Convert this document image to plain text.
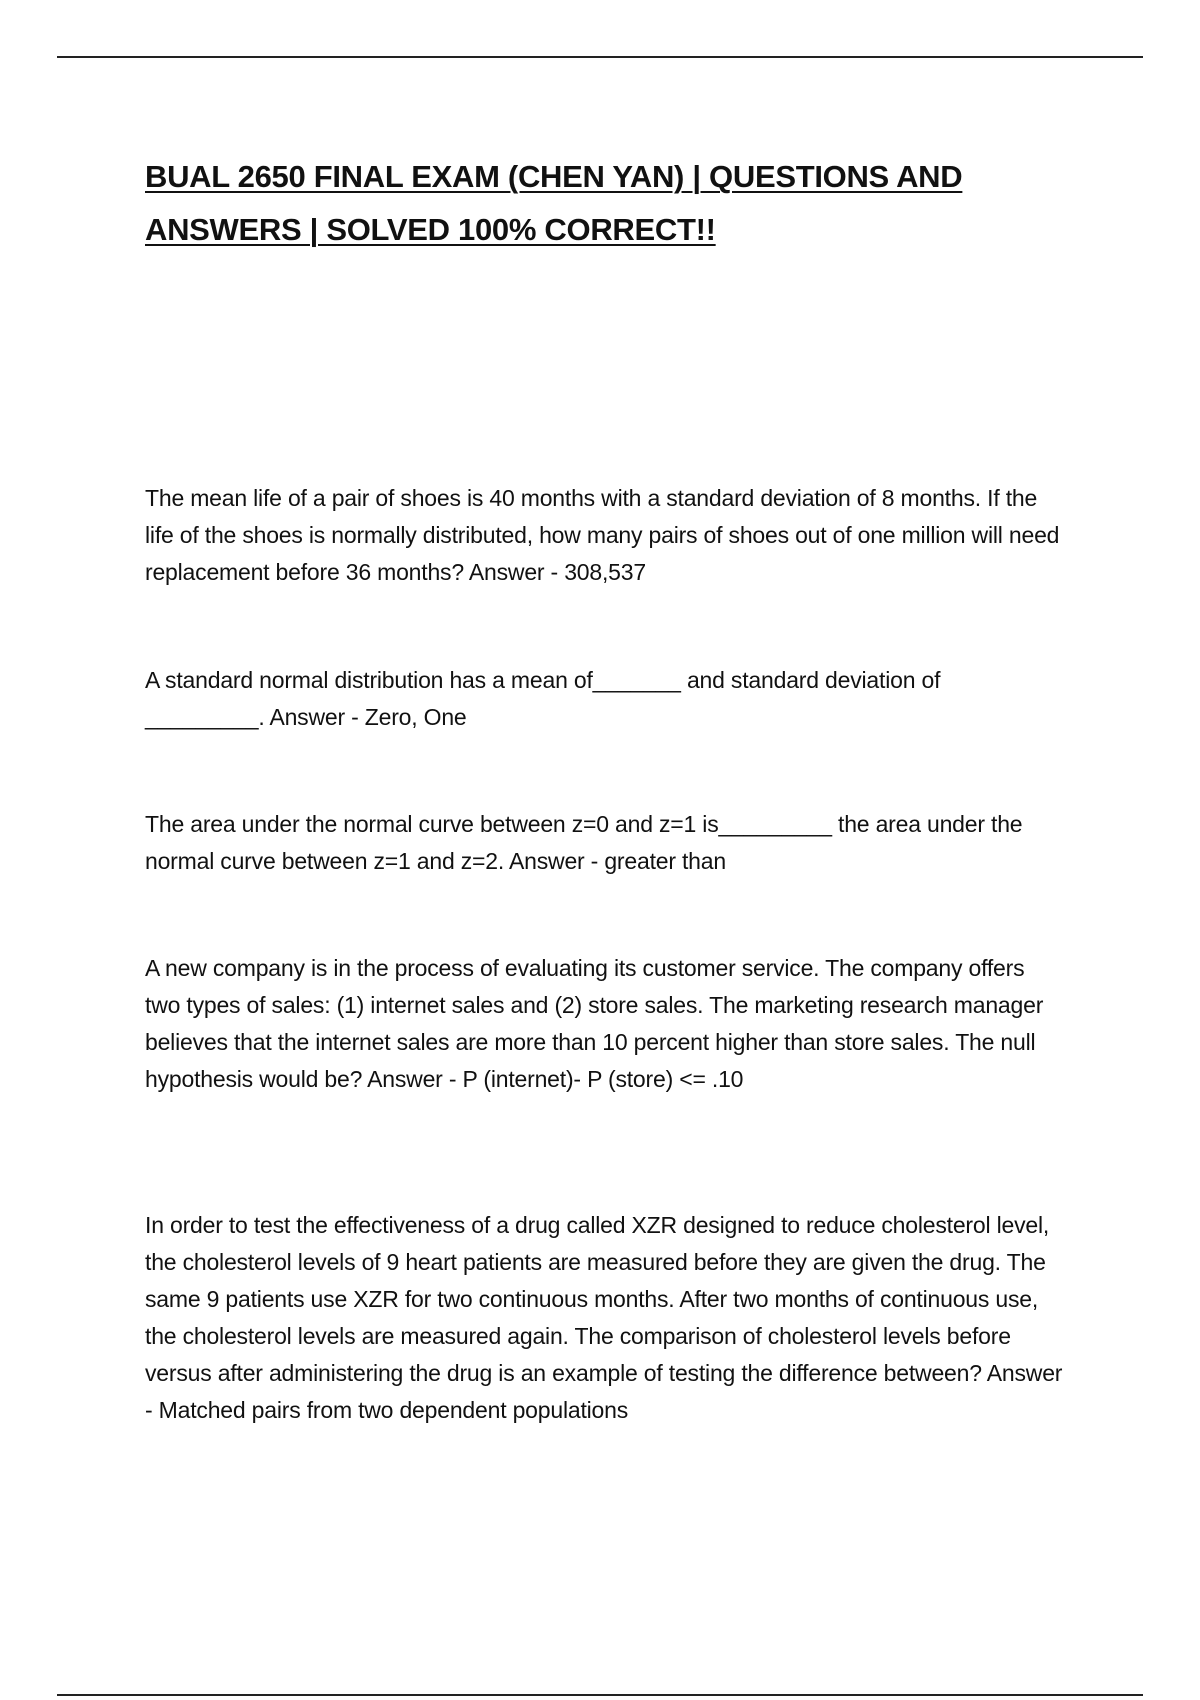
BUAL 2650 FINAL EXAM (CHEN YAN) | QUESTIONS AND ANSWERS | SOLVED 100% CORRECT!!

The mean life of a pair of shoes is 40 months with a standard deviation of 8 months. If the life of the shoes is normally distributed, how many pairs of shoes out of one million will need replacement before 36 months? Answer - 308,537

A standard normal distribution has a mean of_______ and standard deviation of _________. Answer - Zero, One

The area under the normal curve between z=0 and z=1 is_________ the area under the normal curve between z=1 and z=2. Answer - greater than

A new company is in the process of evaluating its customer service. The company offers two types of sales: (1) internet sales and (2) store sales. The marketing research manager believes that the internet sales are more than 10 percent higher than store sales. The null hypothesis would be? Answer - P (internet)- P (store) <= .10

In order to test the effectiveness of a drug called XZR designed to reduce cholesterol level, the cholesterol levels of 9 heart patients are measured before they are given the drug. The same 9 patients use XZR for two continuous months. After two months of continuous use, the cholesterol levels are measured again. The comparison of cholesterol levels before versus after administering the drug is an example of testing the difference between? Answer - Matched pairs from two dependent populations
